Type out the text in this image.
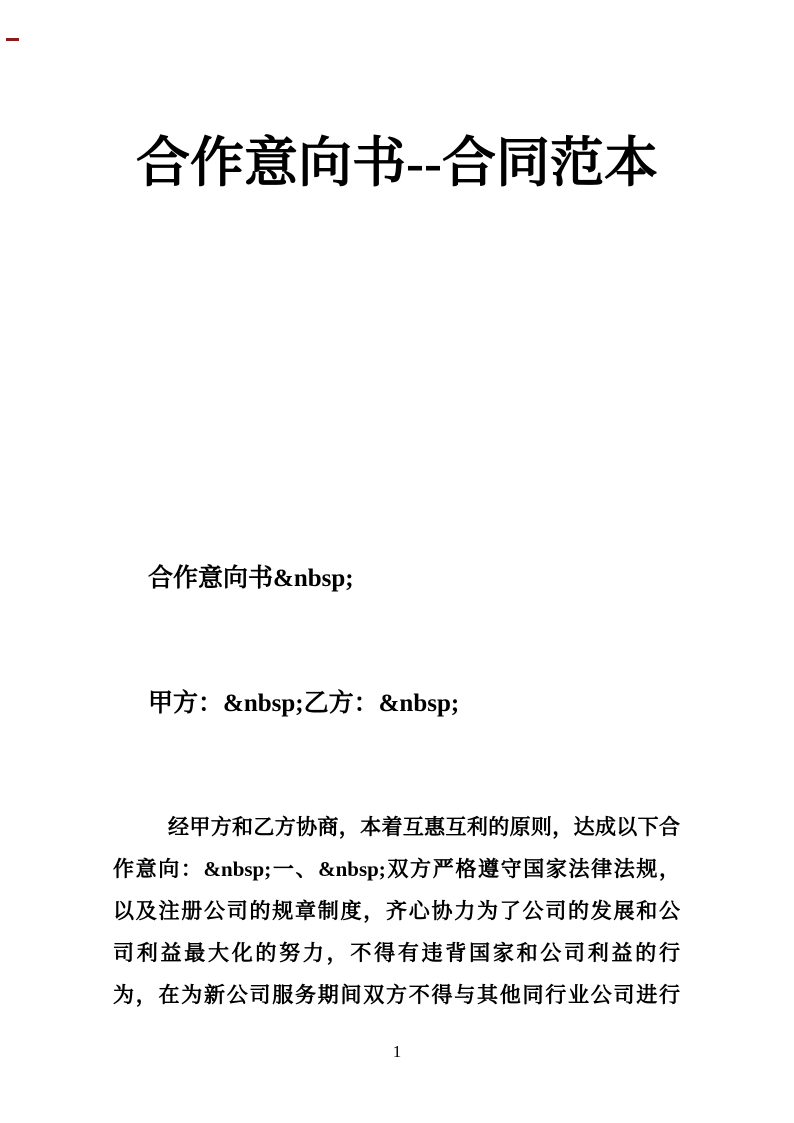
合作意向书--合同范本

合作意向书&nbsp;

甲方：&nbsp;乙方：&nbsp;

经甲方和乙方协商，本着互惠互利的原则，达成以下合
作意向：&nbsp;一、&nbsp;双方严格遵守国家法律法规，
以及注册公司的规章制度，齐心协力为了公司的发展和公
司利益最大化的努力，不得有违背国家和公司利益的行
为，在为新公司服务期间双方不得与其他同行业公司进行
1
